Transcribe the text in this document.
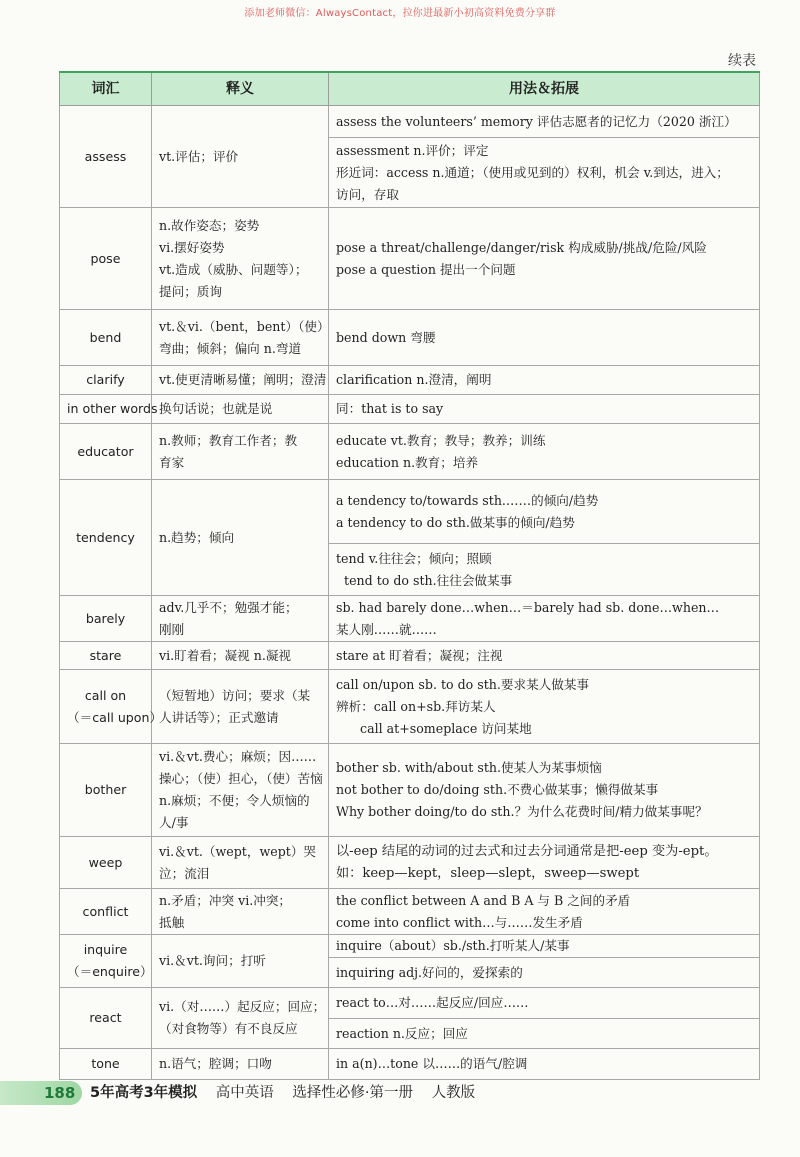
添加老师微信：AlwaysContact，拉你进最新小初高资料免费分享群
续表
词汇	释义	用法＆拓展

assess	vt.评估；评价	assess the volunteers’ memory 评估志愿者的记忆力（2020 浙江）

		assessment n.评价；评定
形近词：access n.通道；（使用或见到的）权利，机会 v.到达，进入；
访问，存取

pose	n.故作姿态；姿势
vi.摆好姿势
vt.造成（威胁、问题等）；
提问；质询	pose a threat/challenge/danger/risk 构成威胁/挑战/危险/风险
pose a question 提出一个问题

bend	vt.＆vi.（bent，bent）（使）
弯曲；倾斜；偏向 n.弯道	bend down 弯腰

clarify	vt.使更清晰易懂；阐明；澄清	clarification n.澄清，阐明

in other words	换句话说；也就是说	同：that is to say

educator	n.教师；教育工作者；教
育家	educate vt.教育；教导；教养；训练
education n.教育；培养

tendency	n.趋势；倾向	a tendency to/towards sth.……的倾向/趋势
a tendency to do sth.做某事的倾向/趋势

		tend v.往往会；倾向；照顾
tend to do sth.往往会做某事

barely	adv.几乎不；勉强才能；
刚刚	sb. had barely done…when…＝barely had sb. done…when…
某人刚……就……

stare	vi.盯着看；凝视 n.凝视	stare at 盯着看；凝视；注视

call on
（＝call upon）	（短暂地）访问；要求（某
人讲话等）；正式邀请	call on/upon sb. to do sth.要求某人做某事
辨析：call on+sb.拜访某人
call at+someplace 访问某地

bother	vi.＆vt.费心；麻烦；因……
操心；（使）担心，（使）苦恼
n.麻烦；不便；令人烦恼的
人/事	bother sb. with/about sth.使某人为某事烦恼
not bother to do/doing sth.不费心做某事；懒得做某事
Why bother doing/to do sth.？为什么花费时间/精力做某事呢？

weep	vi.＆vt.（wept，wept）哭
泣；流泪	以-eep 结尾的动词的过去式和过去分词通常是把-eep 变为-ept。
如：keep—kept，sleep—slept，sweep—swept

conflict	n.矛盾；冲突 vi.冲突；
抵触	the conflict between A and B A 与 B 之间的矛盾
come into conflict with…与……发生矛盾

inquire
（＝enquire）	vi.＆vt.询问；打听	inquire（about）sb./sth.打听某人/某事

		inquiring adj.好问的，爱探索的

react	vi.（对……）起反应；回应；
（对食物等）有不良反应	react to…对……起反应/回应……

		reaction n.反应；回应

tone	n.语气；腔调；口吻	in a(n)…tone 以……的语气/腔调
188 5年高考3年模拟 高中英语 选择性必修·第一册 人教版
